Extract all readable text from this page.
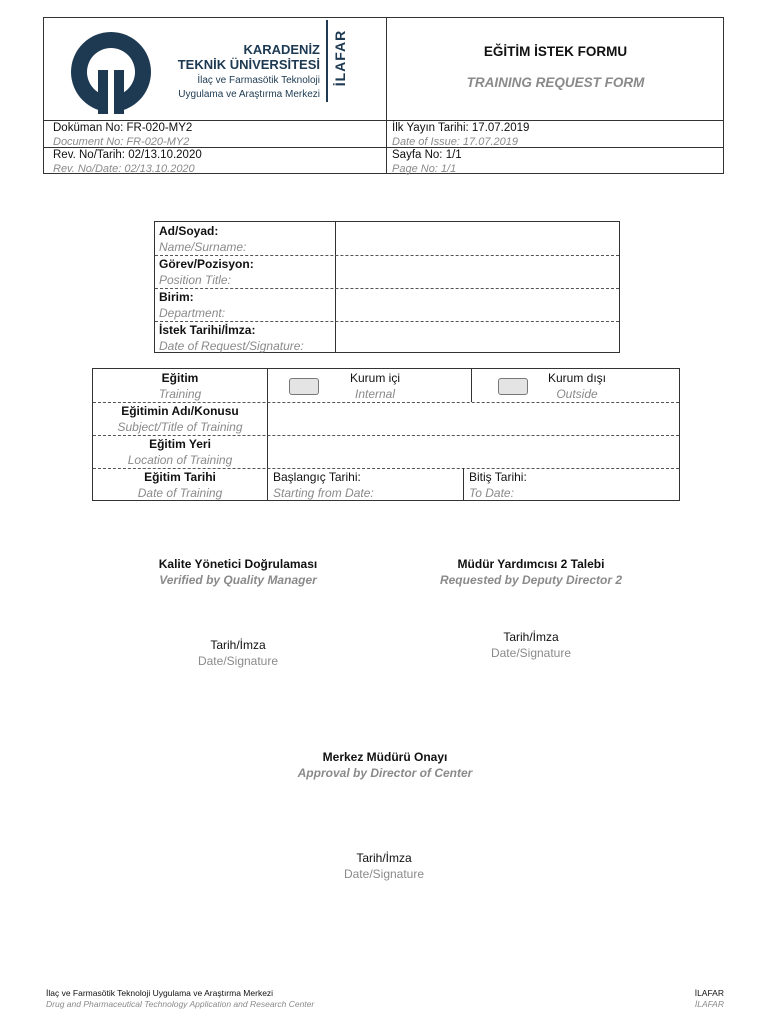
KARADENİZ
TEKNİK ÜNİVERSİTESİ
İlaç ve Farmasötik Teknoloji
Uygulama ve Araştırma Merkezi
İLAFAR	EĞİTİM İSTEK FORMU
TRAINING REQUEST FORM
Doküman No: FR-020-MY2
Document No: FR-020-MY2
Rev. No/Tarih: 02/13.10.2020
Rev. No/Date: 02/13.10.2020
İlk Yayın Tarihi: 17.07.2019
Date of Issue: 17.07.2019
Sayfa No: 1/1
Page No: 1/1
Ad/Soyad:
Name/Surname:
Görev/Pozisyon:
Position Title:
Birim:
Department:
İstek Tarihi/İmza:
Date of Request/Signature:
Eğitim
Training
Kurum içi
Internal
Kurum dışı
Outside
Eğitimin Adı/Konusu
Subject/Title of Training
Eğitim Yeri
Location of Training
Eğitim Tarihi
Date of Training
Başlangıç Tarihi:
Starting from Date:
Bitiş Tarihi:
To Date:
Kalite Yönetici Doğrulaması
Verified by Quality Manager
Müdür Yardımcısı 2 Talebi
Requested by Deputy Director 2
Tarih/İmza
Date/Signature
Tarih/İmza
Date/Signature
Merkez Müdürü Onayı
Approval by Director of Center
Tarih/İmza
Date/Signature
İlaç ve Farmasötik Teknoloji Uygulama ve Araştırma Merkezi
Drug and Pharmaceutical Technology Application and Research Center
İLAFAR
İLAFAR
